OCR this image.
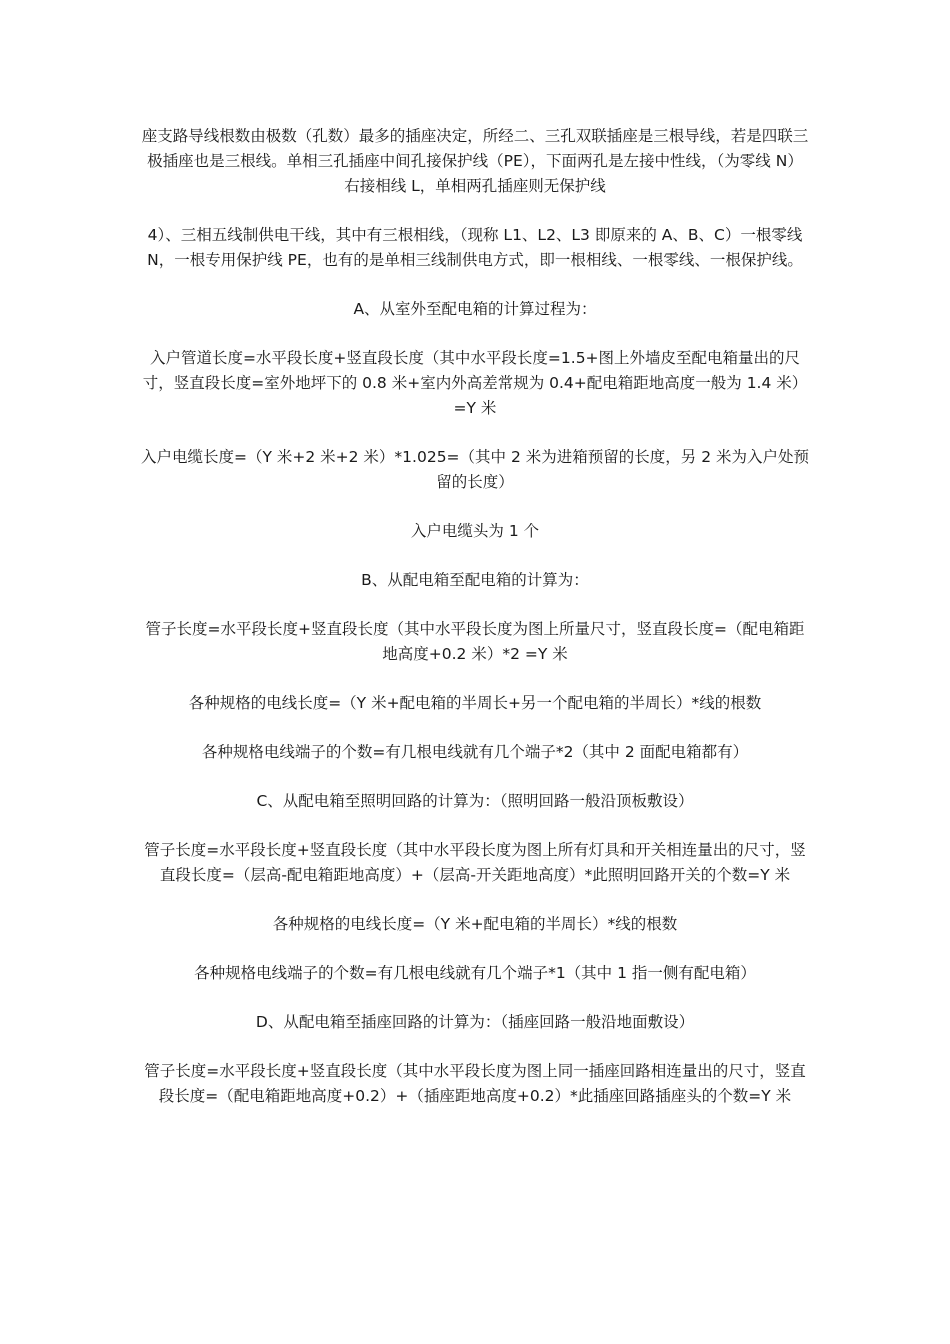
座支路导线根数由极数（孔数）最多的插座决定，所经二、三孔双联插座是三根导线，若是四联三极插座也是三根线。单相三孔插座中间孔接保护线（PE），下面两孔是左接中性线，（为零线 N）右接相线 L，单相两孔插座则无保护线

4）、三相五线制供电干线，其中有三根相线，（现称 L1、L2、L3 即原来的 A、B、C）一根零线 N，一根专用保护线 PE，也有的是单相三线制供电方式，即一根相线、一根零线、一根保护线。

A、从室外至配电箱的计算过程为：

入户管道长度=水平段长度+竖直段长度（其中水平段长度=1.5+图上外墙皮至配电箱量出的尺寸，竖直段长度=室外地坪下的 0.8 米+室内外高差常规为 0.4+配电箱距地高度一般为 1.4 米）=Y 米

入户电缆长度=（Y 米+2 米+2 米）*1.025=（其中 2 米为进箱预留的长度，另 2 米为入户处预留的长度）

入户电缆头为 1 个

B、从配电箱至配电箱的计算为：

管子长度=水平段长度+竖直段长度（其中水平段长度为图上所量尺寸，竖直段长度=（配电箱距地高度+0.2 米）*2 =Y 米

各种规格的电线长度=（Y 米+配电箱的半周长+另一个配电箱的半周长）*线的根数

各种规格电线端子的个数=有几根电线就有几个端子*2（其中 2 面配电箱都有）

C、从配电箱至照明回路的计算为：（照明回路一般沿顶板敷设）

管子长度=水平段长度+竖直段长度（其中水平段长度为图上所有灯具和开关相连量出的尺寸，竖直段长度=（层高-配电箱距地高度）+（层高-开关距地高度）*此照明回路开关的个数=Y 米

各种规格的电线长度=（Y 米+配电箱的半周长）*线的根数

各种规格电线端子的个数=有几根电线就有几个端子*1（其中 1 指一侧有配电箱）

D、从配电箱至插座回路的计算为：（插座回路一般沿地面敷设）

管子长度=水平段长度+竖直段长度（其中水平段长度为图上同一插座回路相连量出的尺寸，竖直段长度=（配电箱距地高度+0.2）+（插座距地高度+0.2）*此插座回路插座头的个数=Y 米
